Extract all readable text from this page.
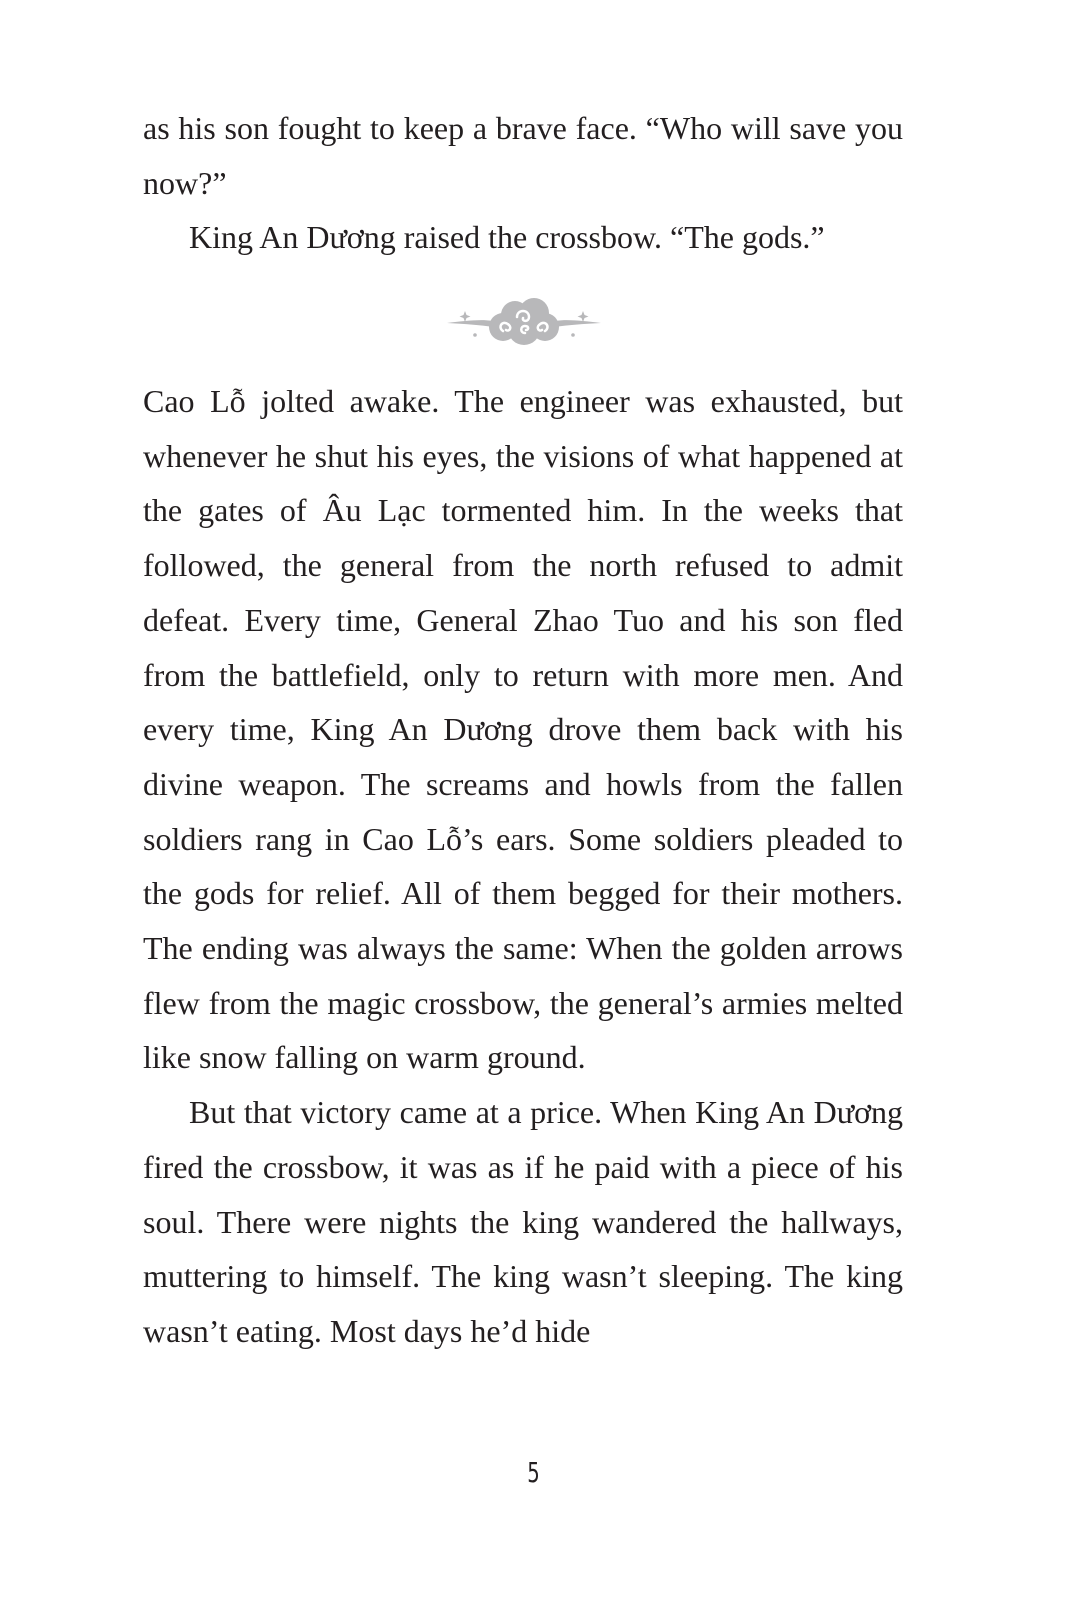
as his son fought to keep a brave face. “Who will save you now?”

King An Dương raised the crossbow. “The gods.”

Cao Lỗ jolted awake. The engineer was exhausted, but whenever he shut his eyes, the visions of what happened at the gates of Âu Lạc tormented him. In the weeks that followed, the general from the north refused to admit defeat. Every time, General Zhao Tuo and his son fled from the battlefield, only to return with more men. And every time, King An Dương drove them back with his divine weapon. The screams and howls from the fallen soldiers rang in Cao Lỗ’s ears. Some soldiers pleaded to the gods for relief. All of them begged for their mothers. The ending was always the same: When the golden arrows flew from the magic crossbow, the general’s armies melted like snow falling on warm ground.

But that victory came at a price. When King An Dương fired the crossbow, it was as if he paid with a piece of his soul. There were nights the king wandered the hallways, muttering to himself. The king wasn’t sleeping. The king wasn’t eating. Most days he’d hide

5
